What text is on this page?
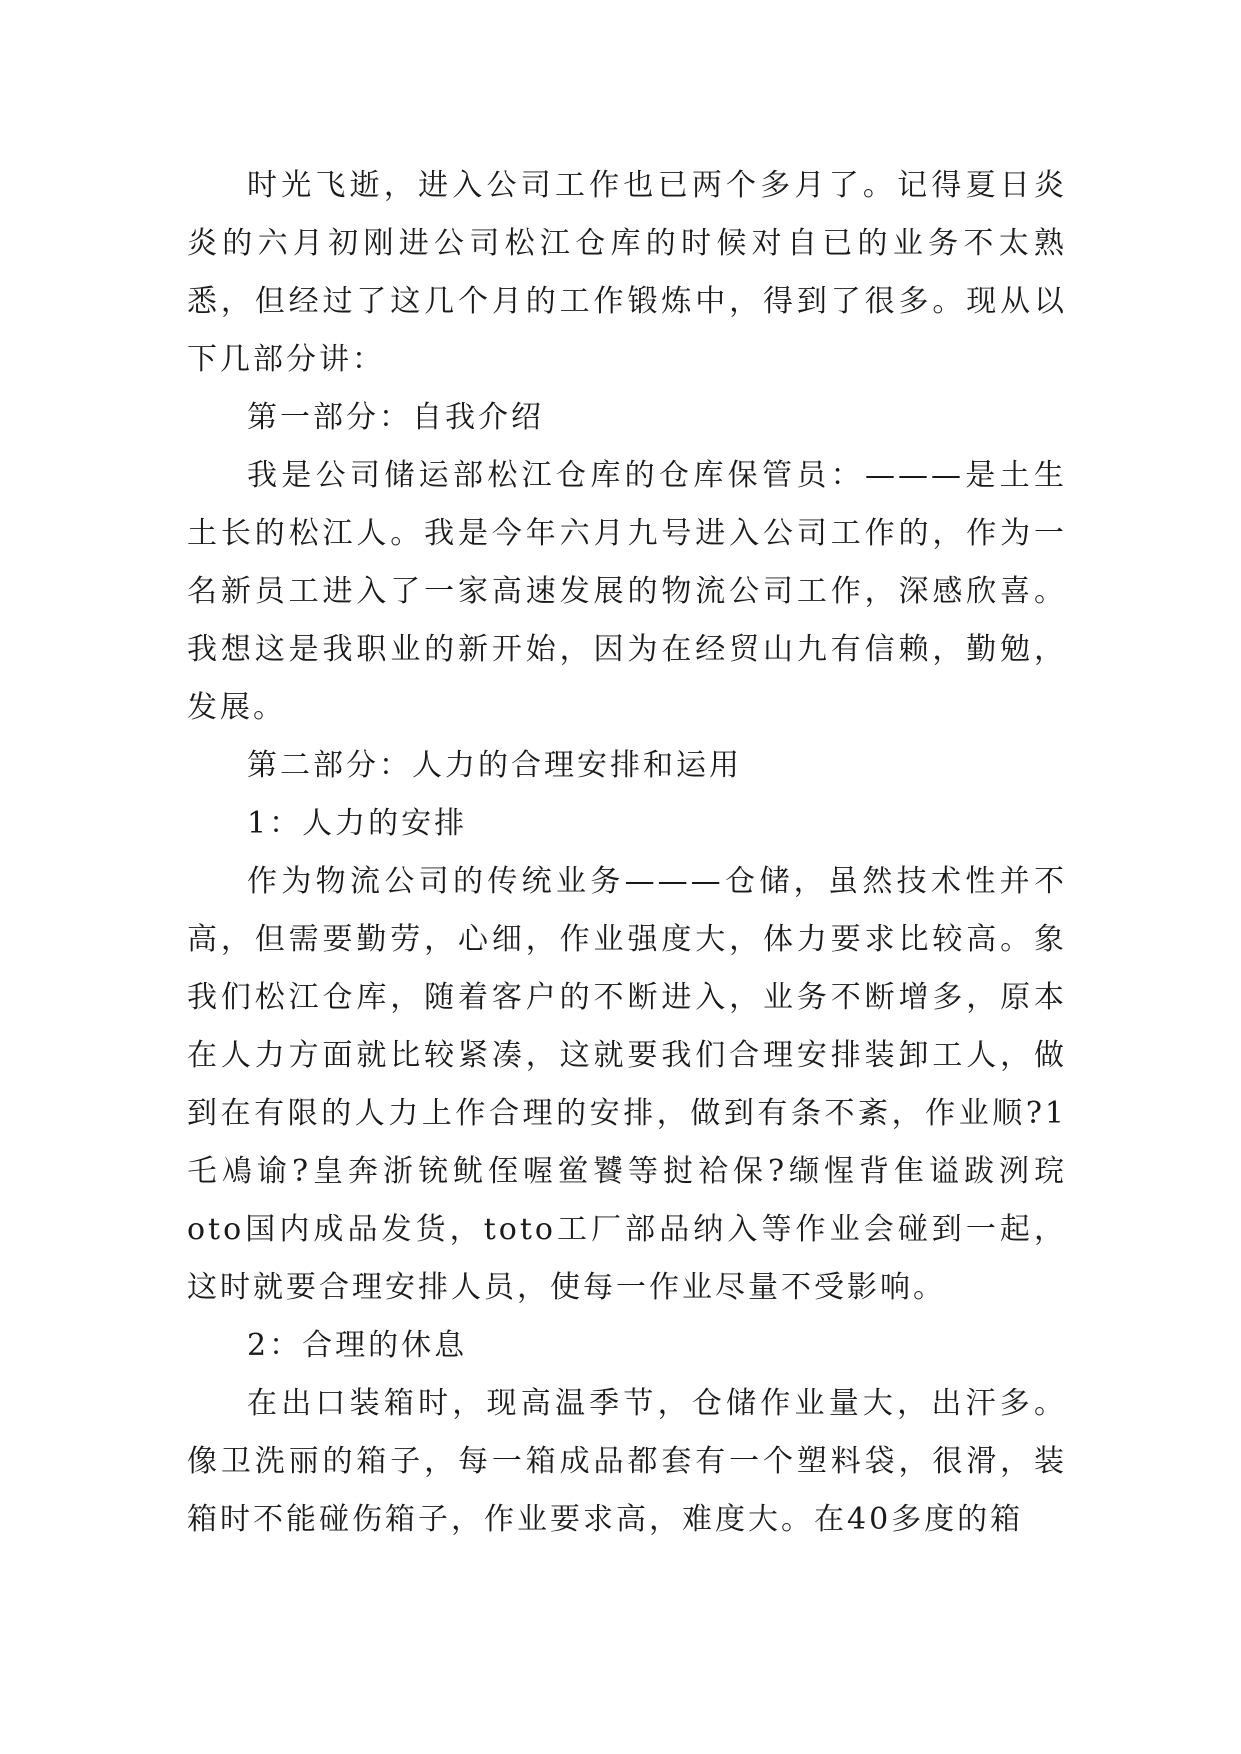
时光飞逝，进入公司工作也已两个多月了。记得夏日炎炎的六月初刚进公司松江仓库的时候对自已的业务不太熟悉，但经过了这几个月的工作锻炼中，得到了很多。现从以下几部分讲：

第一部分：自我介绍

我是公司储运部松江仓库的仓库保管员：———是土生土长的松江人。我是今年六月九号进入公司工作的，作为一名新员工进入了一家高速发展的物流公司工作，深感欣喜。我想这是我职业的新开始，因为在经贸山九有信赖，勤勉，发展。

第二部分：人力的合理安排和运用

1：人力的安排

作为物流公司的传统业务———仓储，虽然技术性并不高，但需要勤劳，心细，作业强度大，体力要求比较高。象我们松江仓库，随着客户的不断进入，业务不断增多，原本在人力方面就比较紧凑，这就要我们合理安排装卸工人，做到在有限的人力上作合理的安排，做到有条不紊，作业顺?1乇鳰谕?皇奔浙铳鱿侄喔鲎饕等挝袷保?缬惺背隹谥跋洌琓oto国内成品发货，toto工厂部品纳入等作业会碰到一起，这时就要合理安排人员，使每一作业尽量不受影响。

2：合理的休息

在出口装箱时，现高温季节，仓储作业量大，出汗多。像卫洗丽的箱子，每一箱成品都套有一个塑料袋，很滑，装箱时不能碰伤箱子，作业要求高，难度大。在40多度的箱
